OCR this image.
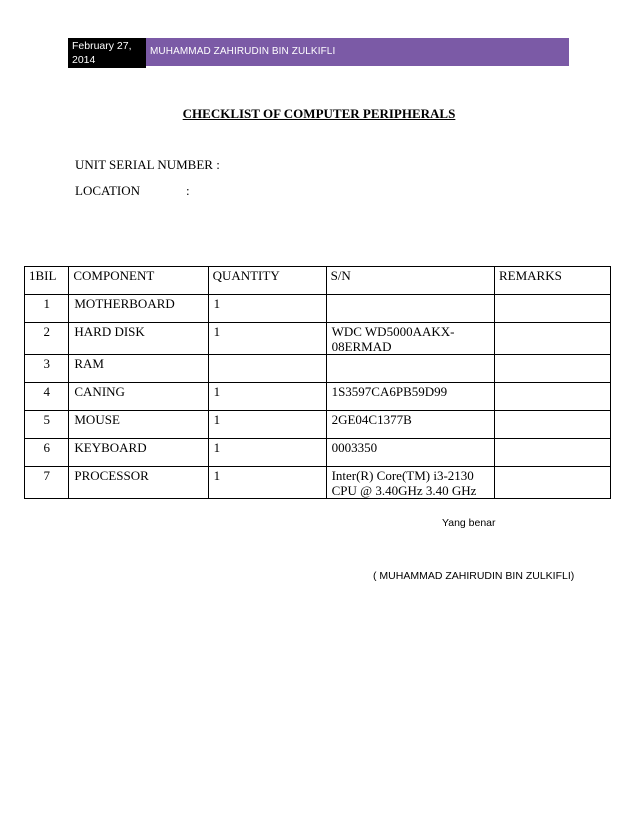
February 27,
2014
MUHAMMAD ZAHIRUDIN BIN ZULKIFLI
CHECKLIST OF COMPUTER PERIPHERALS
UNIT SERIAL NUMBER :
LOCATION	:
1BIL	COMPONENT	QUANTITY	S/N	REMARKS
1	MOTHERBOARD	1	

2	HARD DISK	1	WDC WD5000AAKX-
08ERMAD	

3	RAM		

4	CANING	1	1S3597CA6PB59D99	

5	MOUSE	1	2GE04C1377B	

6	KEYBOARD	1	0003350	

7	PROCESSOR	1	Inter(R) Core(TM) i3-2130
CPU @ 3.40GHz 3.40 GHz	

Yang benar
( MUHAMMAD ZAHIRUDIN BIN ZULKIFLI)
